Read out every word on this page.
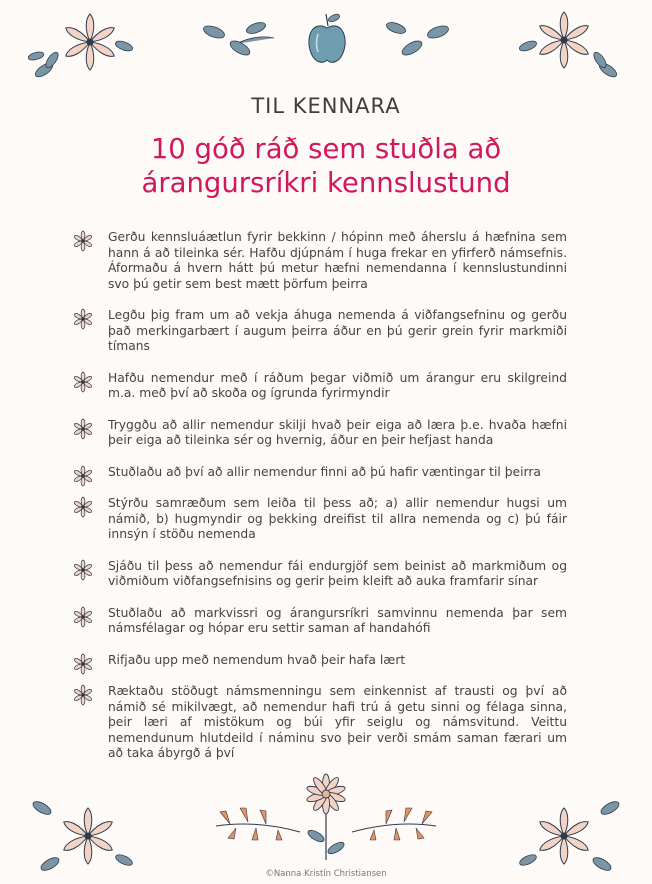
TIL KENNARA
10 góð ráð sem stuðla að
árangursríkri kennslustund
Gerðu kennsluáætlun fyrir bekkinn / hópinn með áherslu á hæfnina sem hann á að tileinka sér. Hafðu djúpnám í huga frekar en yfirferð námsefnis. Áformaðu á hvern hátt þú metur hæfni nemendanna í kennslustundinni svo þú getir sem best mætt þörfum þeirra
Legðu þig fram um að vekja áhuga nemenda á viðfangsefninu og gerðu það merkingarbært í augum þeirra áður en þú gerir grein fyrir markmiði tímans
Hafðu nemendur með í ráðum þegar viðmið um árangur eru skilgreind m.a. með því að skoða og ígrunda fyrirmyndir
Tryggðu að allir nemendur skilji hvað þeir eiga að læra þ.e. hvaða hæfni þeir eiga að tileinka sér og hvernig, áður en þeir hefjast handa
Stuðlaðu að því að allir nemendur finni að þú hafir væntingar til þeirra
Stýrðu samræðum sem leiða til þess að; a) allir nemendur hugsi um námið, b) hugmyndir og þekking dreifist til allra nemenda og c) þú fáir innsýn í stöðu nemenda
Sjáðu til þess að nemendur fái endurgjöf sem beinist að markmiðum og viðmiðum viðfangsefnisins og gerir þeim kleift að auka framfarir sínar
Stuðlaðu að markvissri og árangursríkri samvinnu nemenda þar sem námsfélagar og hópar eru settir saman af handahófi
Rifjaðu upp með nemendum hvað þeir hafa lært
Ræktaðu stöðugt námsmenningu sem einkennist af trausti og því að námið sé mikilvægt, að nemendur hafi trú á getu sinni og félaga sinna, þeir læri af mistökum og búi yfir seiglu og námsvitund. Veittu nemendunum hlutdeild í náminu svo þeir verði smám saman færari um að taka ábyrgð á því
©Nanna Kristín Christiansen
